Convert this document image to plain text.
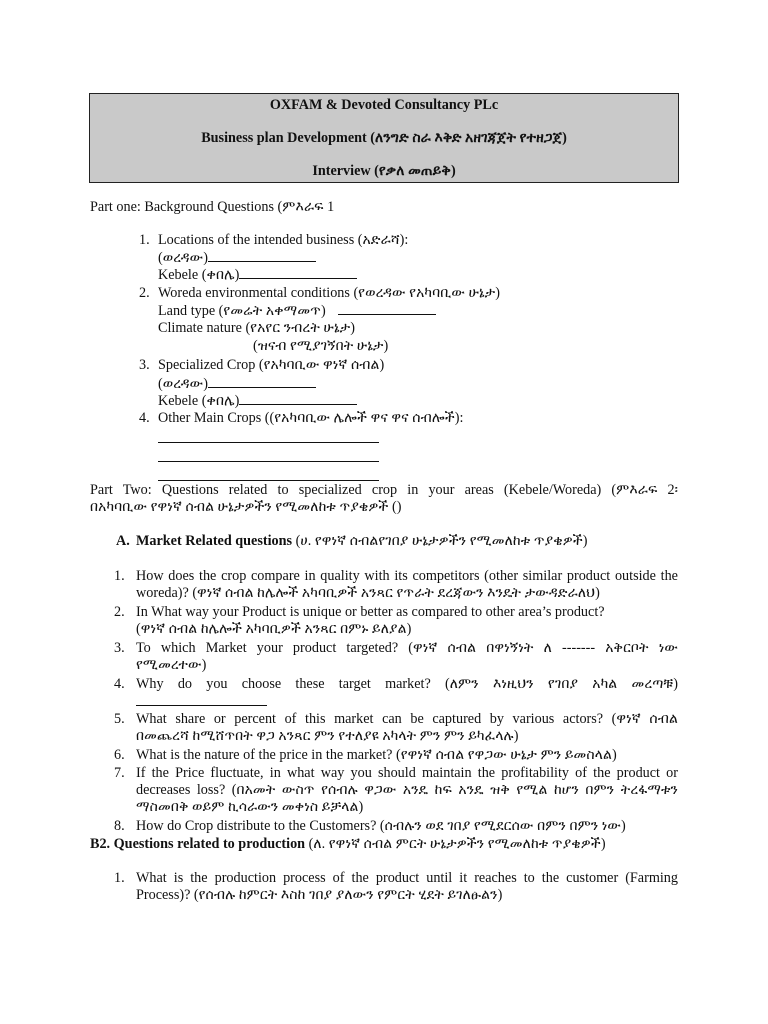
OXFAM & Devoted Consultancy PLc
Business plan Development (ለንግድ ስራ እቅድ አዘገጃጀት የተዘጋጀ)
Interview (የቃለ መጠይቅ)
Part one: Background Questions (ምእራፍ 1
1. Locations of the intended business (አድራሻ):
(ወረዳው)
Kebele (ቀበሌ)
2. Woreda environmental conditions (የወረዳው የአካባቢው ሁኔታ)
Land type (የመሬት አቀማመጥ)
Climate nature (የአየር ንብረት ሁኔታ)
(ዝናብ የሚያገኝበት ሁኔታ)
3. Specialized Crop (የአካባቢው ዋነኛ ሰብል)
(ወረዳው)
Kebele (ቀበሌ)
4. Other Main Crops ((የአካባቢው ሌሎች ዋና ዋና ሰብሎች):
Part Two: Questions related to specialized crop in your areas (Kebele/Woreda) (ምእራፍ 2፡
በአካባቢው የዋነኛ ሰብል ሁኔታዎችን የሚመለከቱ ጥያቄዎች ()
A. Market Related questions (ሀ. የዋነኛ ሰብልየገበያ ሁኔታዎችን የሚመለከቱ ጥያቄዎች)
1. How does the crop compare in quality with its competitors (other similar product outside the
woreda)? (ዋነኛ ሰብል ከሌሎች አካባቢዎች አንጻር የጥራት ደረጃውን እንዴት ታውዳድራለህ)
2. In What way your Product is unique or better as compared to other area’s product?
(ዋነኛ ሰብል ከሌሎች አካባቢዎች አንጻር በምኑ ይለያል)
3. To which Market your product targeted? (ዋነኛ ሰብል በዋነኝነት ለ ------- አቅርቦት ነው
የሚመረተው)
4. Why do you choose these target market? (ለምን እነዚህን የገበያ አካል መረጣቹ)
5. What share or percent of this market can be captured by various actors? (ዋነኛ ሰብል
በመጨረሻ ከሚሸጥበት ዋጋ አንጻር ምን የተለያዩ አካላት ምን ምን ይካፈላሉ)
6. What is the nature of the price in the market? (የዋነኛ ሰብል የዋጋው ሁኔታ ምን ይመስላል)
7. If the Price fluctuate, in what way you should maintain the profitability of the product or
decreases loss? (በአመት ውስጥ የሰብሉ ዋጋው አንዴ ከፍ አንዴ ዝቅ የሚል ከሆን በምን ትረፋማቱን
ማስመበቅ ወይም ኪሳራውን መቀነስ ይቻላል)
8. How do Crop distribute to the Customers? (ሰብሉን ወደ ገበያ የሚደርሰው በምን በምን ነው)
B2. Questions related to production (ለ. የዋነኛ ሰብል ምርት ሁኔታዎችን የሚመለከቱ ጥያቄዎች)
1. What is the production process of the product until it reaches to the customer (Farming
Process)? (የሰብሉ ከምርት እስከ ገበያ ያለውን የምርት ሂደት ይገለፁልን)
